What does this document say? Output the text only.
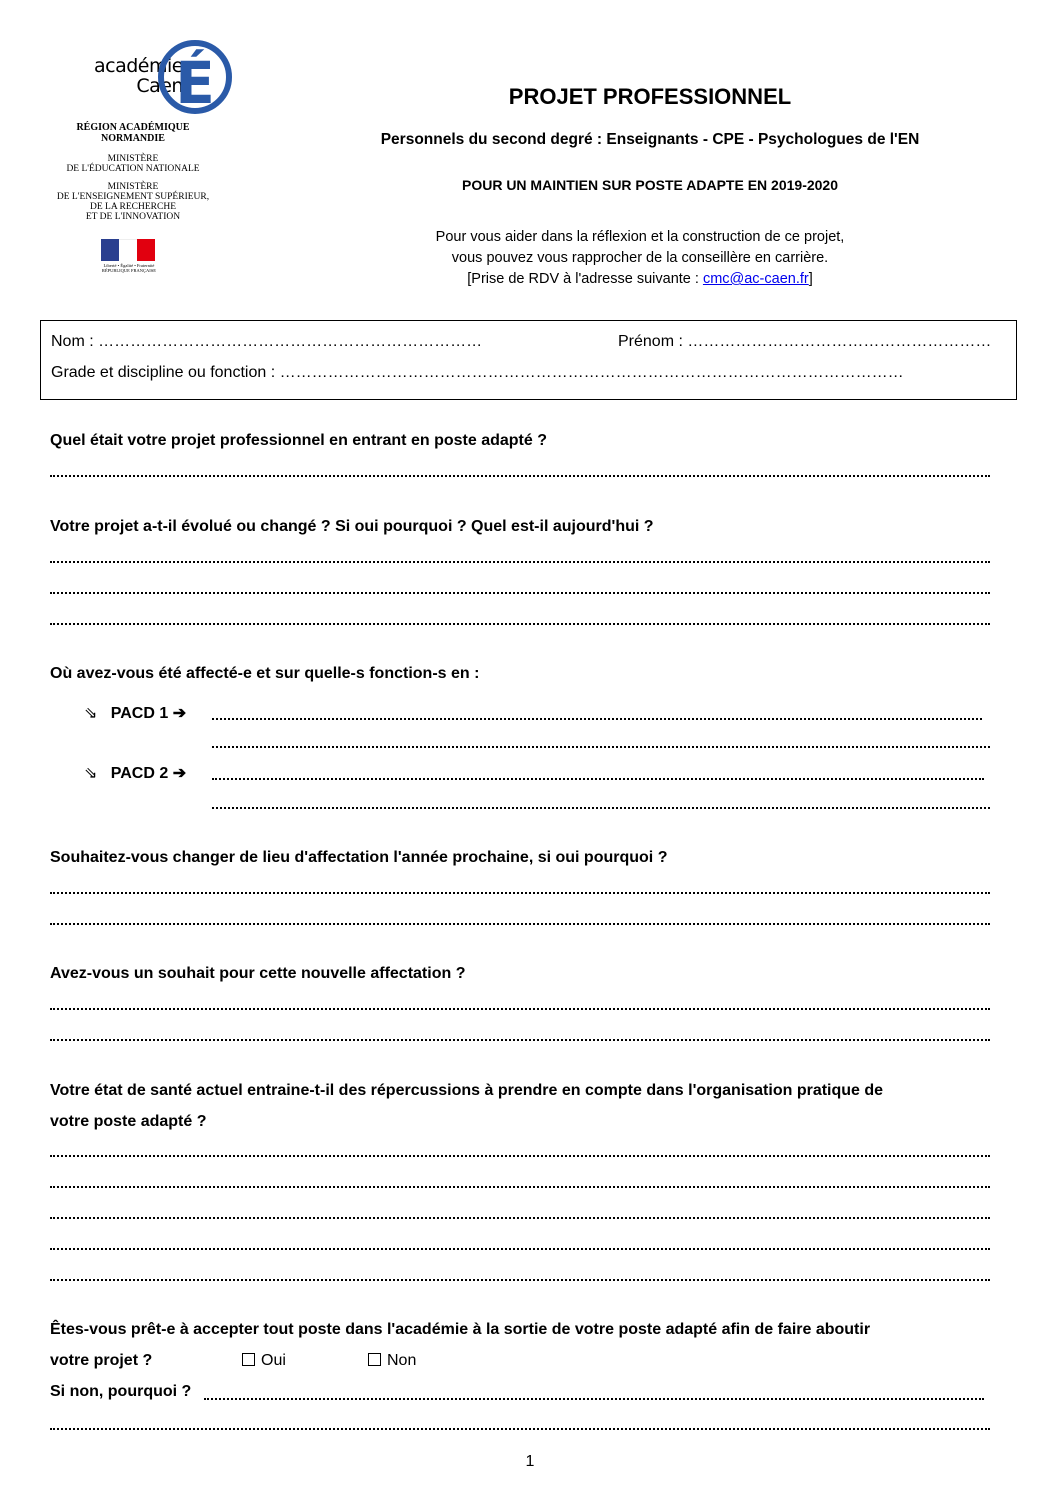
académie
Caen
É
RÉGION ACADÉMIQUE
NORMANDIE
MINISTÈRE
DE L'ÉDUCATION NATIONALE
MINISTÈRE
DE L'ENSEIGNEMENT SUPÉRIEUR,
DE LA RECHERCHE
ET DE L'INNOVATION
Liberté • Égalité • Fraternité RÉPUBLIQUE FRANÇAISE
PROJET PROFESSIONNEL
Personnels du second degré : Enseignants - CPE - Psychologues de l'EN
POUR UN MAINTIEN SUR POSTE ADAPTE EN 2019-2020
Pour vous aider dans la réflexion et la construction de ce projet,
vous pouvez vous rapprocher de la conseillère en carrière.
[Prise de RDV à l'adresse suivante : cmc@ac-caen.fr]
Nom : ………………………………………………………………	Prénom : …………………………………………………
Grade et discipline ou fonction : ………………………………………………………………………………………………………
Quel était votre projet professionnel en entrant en poste adapté ?
Votre projet a-t-il évolué ou changé ? Si oui pourquoi ? Quel est-il aujourd'hui ?
Où avez-vous été affecté-e et sur quelle-s fonction-s en :
⇘ PACD 1 ➔
⇘ PACD 2 ➔
Souhaitez-vous changer de lieu d'affectation l'année prochaine, si oui pourquoi ?
Avez-vous un souhait pour cette nouvelle affectation ?
Votre état de santé actuel entraine-t-il des répercussions à prendre en compte dans l'organisation pratique de
votre poste adapté ?
Êtes-vous prêt-e à accepter tout poste dans l'académie à la sortie de votre poste adapté afin de faire aboutir
votre projet ?	Oui	Non
Si non, pourquoi ?
1
